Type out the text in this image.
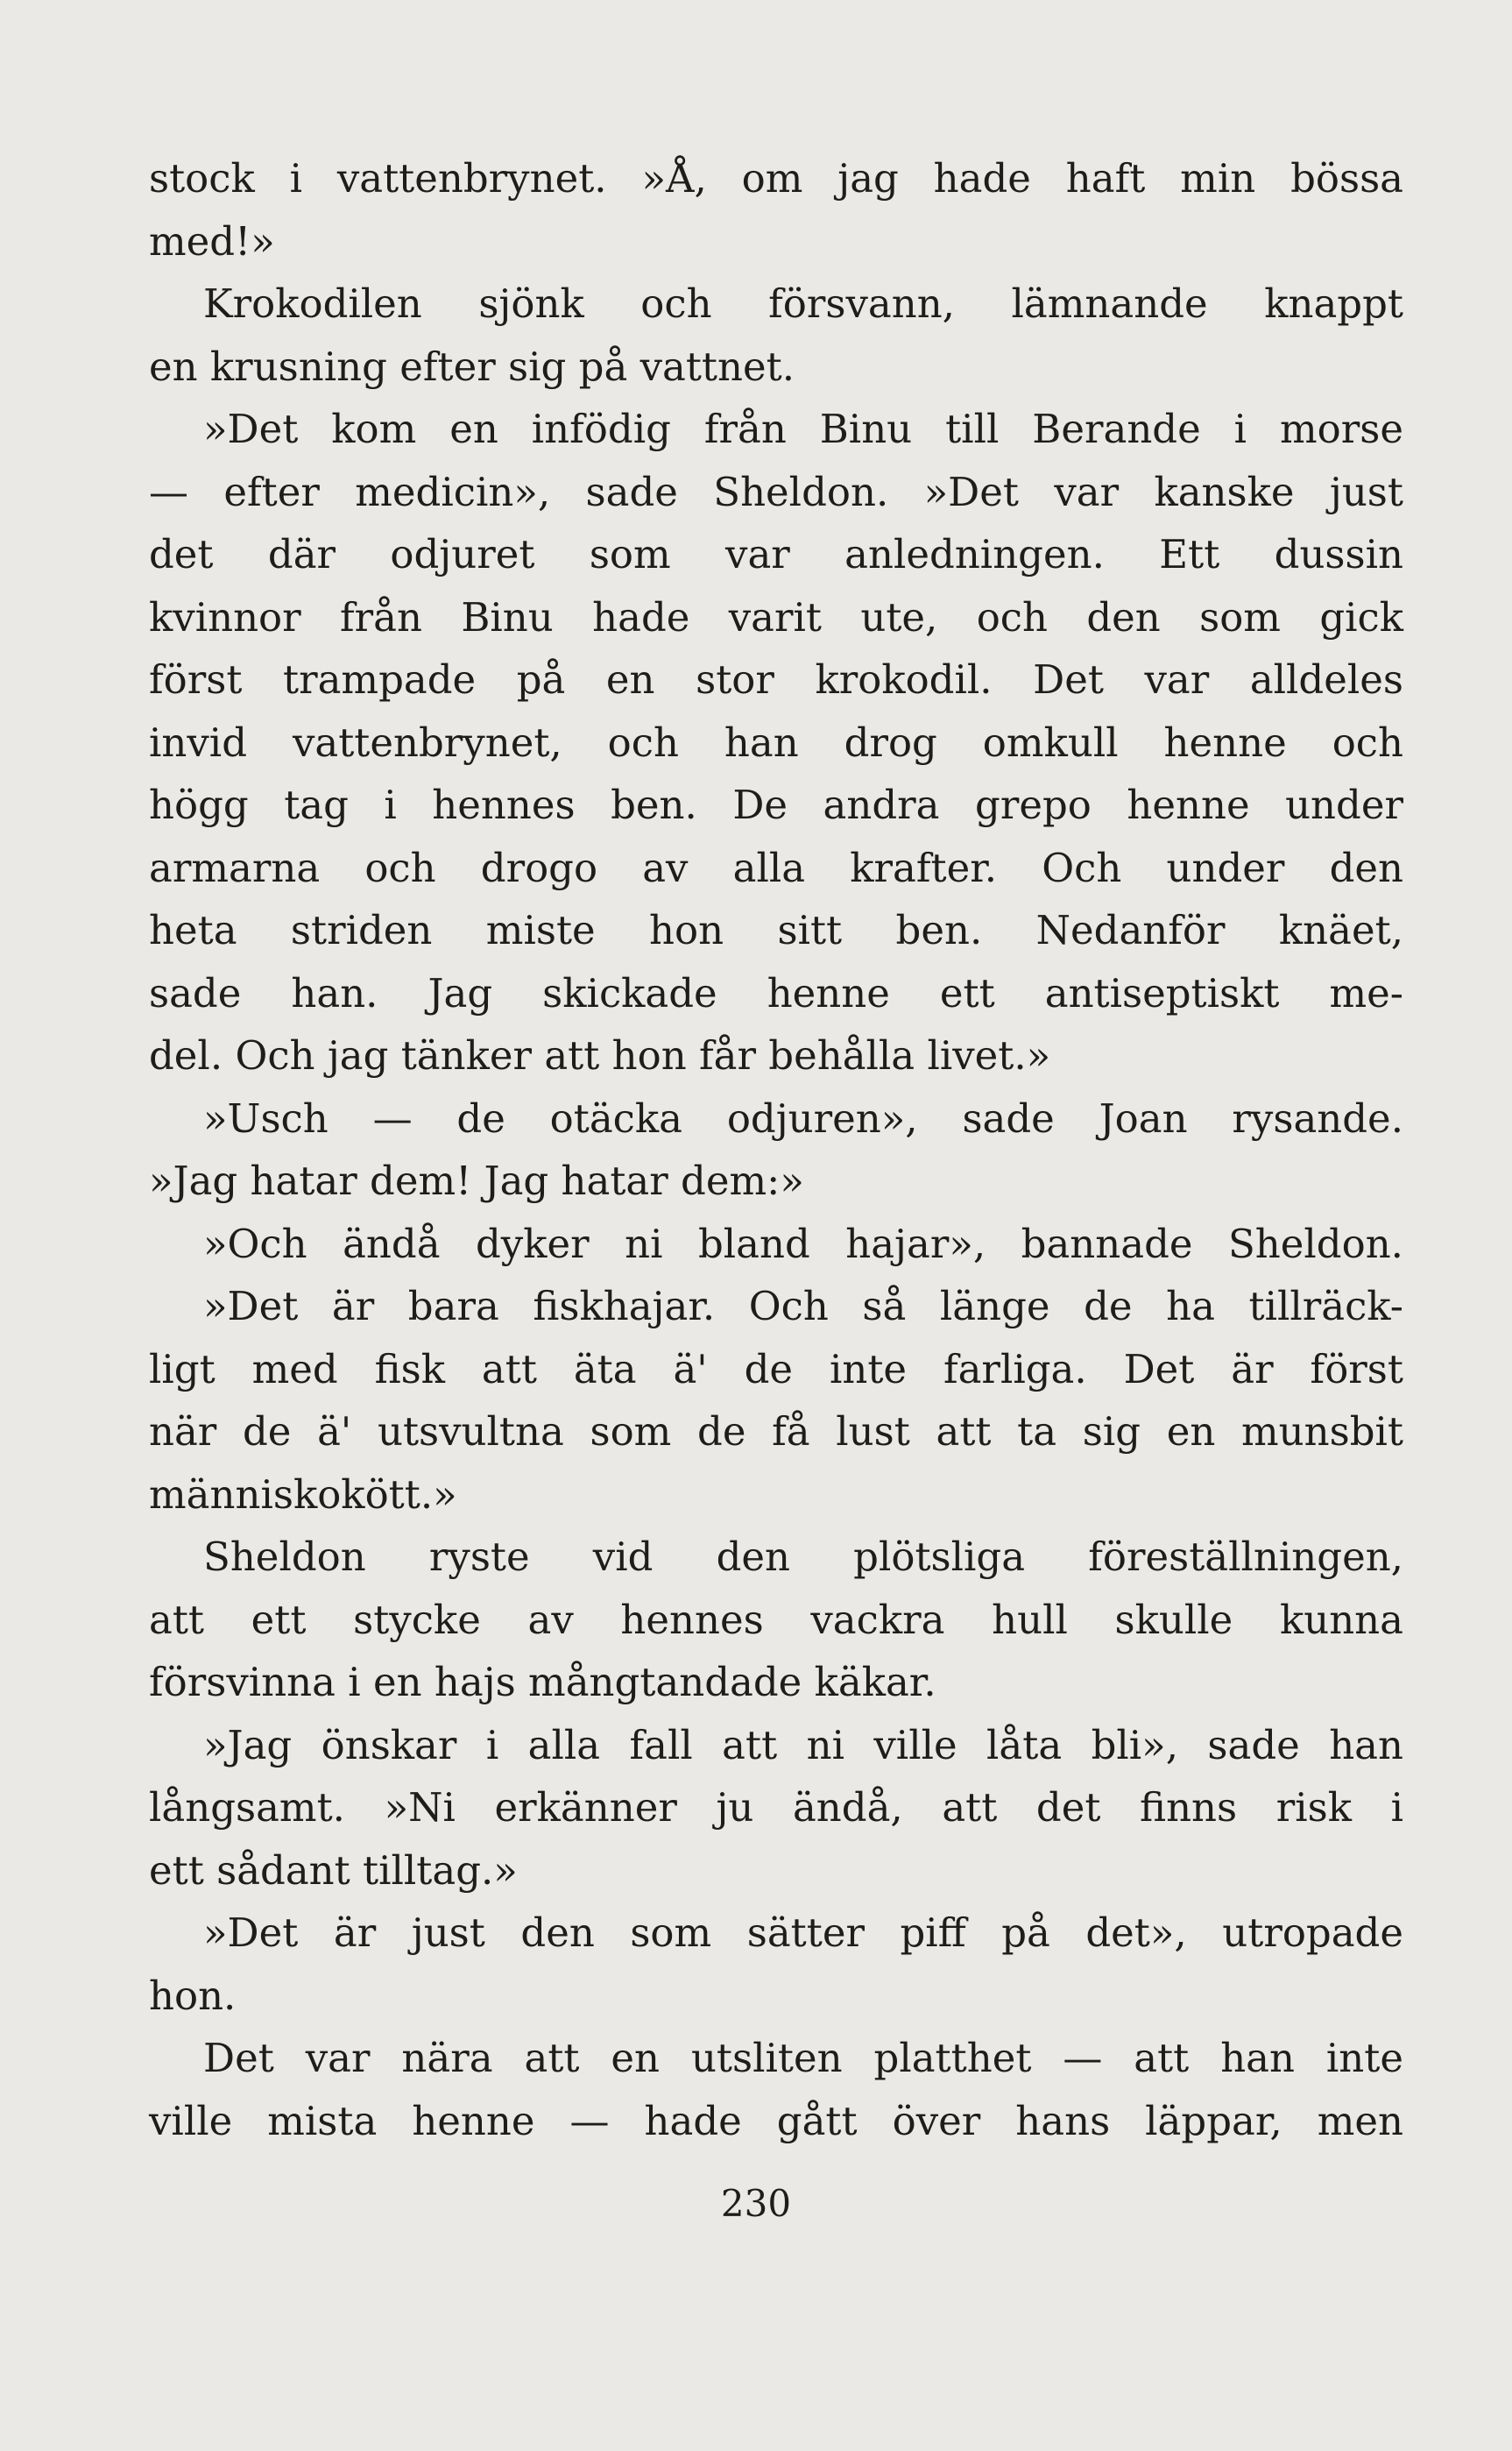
stock i vattenbrynet. »Å, om jag hade haft min bössa
med!»
Krokodilen sjönk och försvann, lämnande knappt
en krusning efter sig på vattnet.
»Det kom en infödig från Binu till Berande i morse
— efter medicin», sade Sheldon. »Det var kanske just
det där odjuret som var anledningen. Ett dussin
kvinnor från Binu hade varit ute, och den som gick
först trampade på en stor krokodil. Det var alldeles
invid vattenbrynet, och han drog omkull henne och
högg tag i hennes ben. De andra grepo henne under
armarna och drogo av alla krafter. Och under den
heta striden miste hon sitt ben. Nedanför knäet,
sade han. Jag skickade henne ett antiseptiskt me-
del. Och jag tänker att hon får behålla livet.»
»Usch — de otäcka odjuren», sade Joan rysande.
»Jag hatar dem! Jag hatar dem:»
»Och ändå dyker ni bland hajar», bannade Sheldon.
»Det är bara fiskhajar. Och så länge de ha tillräck-
ligt med fisk att äta ä' de inte farliga. Det är först
när de ä' utsvultna som de få lust att ta sig en munsbit
människokött.»
Sheldon ryste vid den plötsliga föreställningen,
att ett stycke av hennes vackra hull skulle kunna
försvinna i en hajs mångtandade käkar.
»Jag önskar i alla fall att ni ville låta bli», sade han
långsamt. »Ni erkänner ju ändå, att det finns risk i
ett sådant tilltag.»
»Det är just den som sätter piff på det», utropade
hon.
Det var nära att en utsliten platthet — att han inte
ville mista henne — hade gått över hans läppar, men
230
